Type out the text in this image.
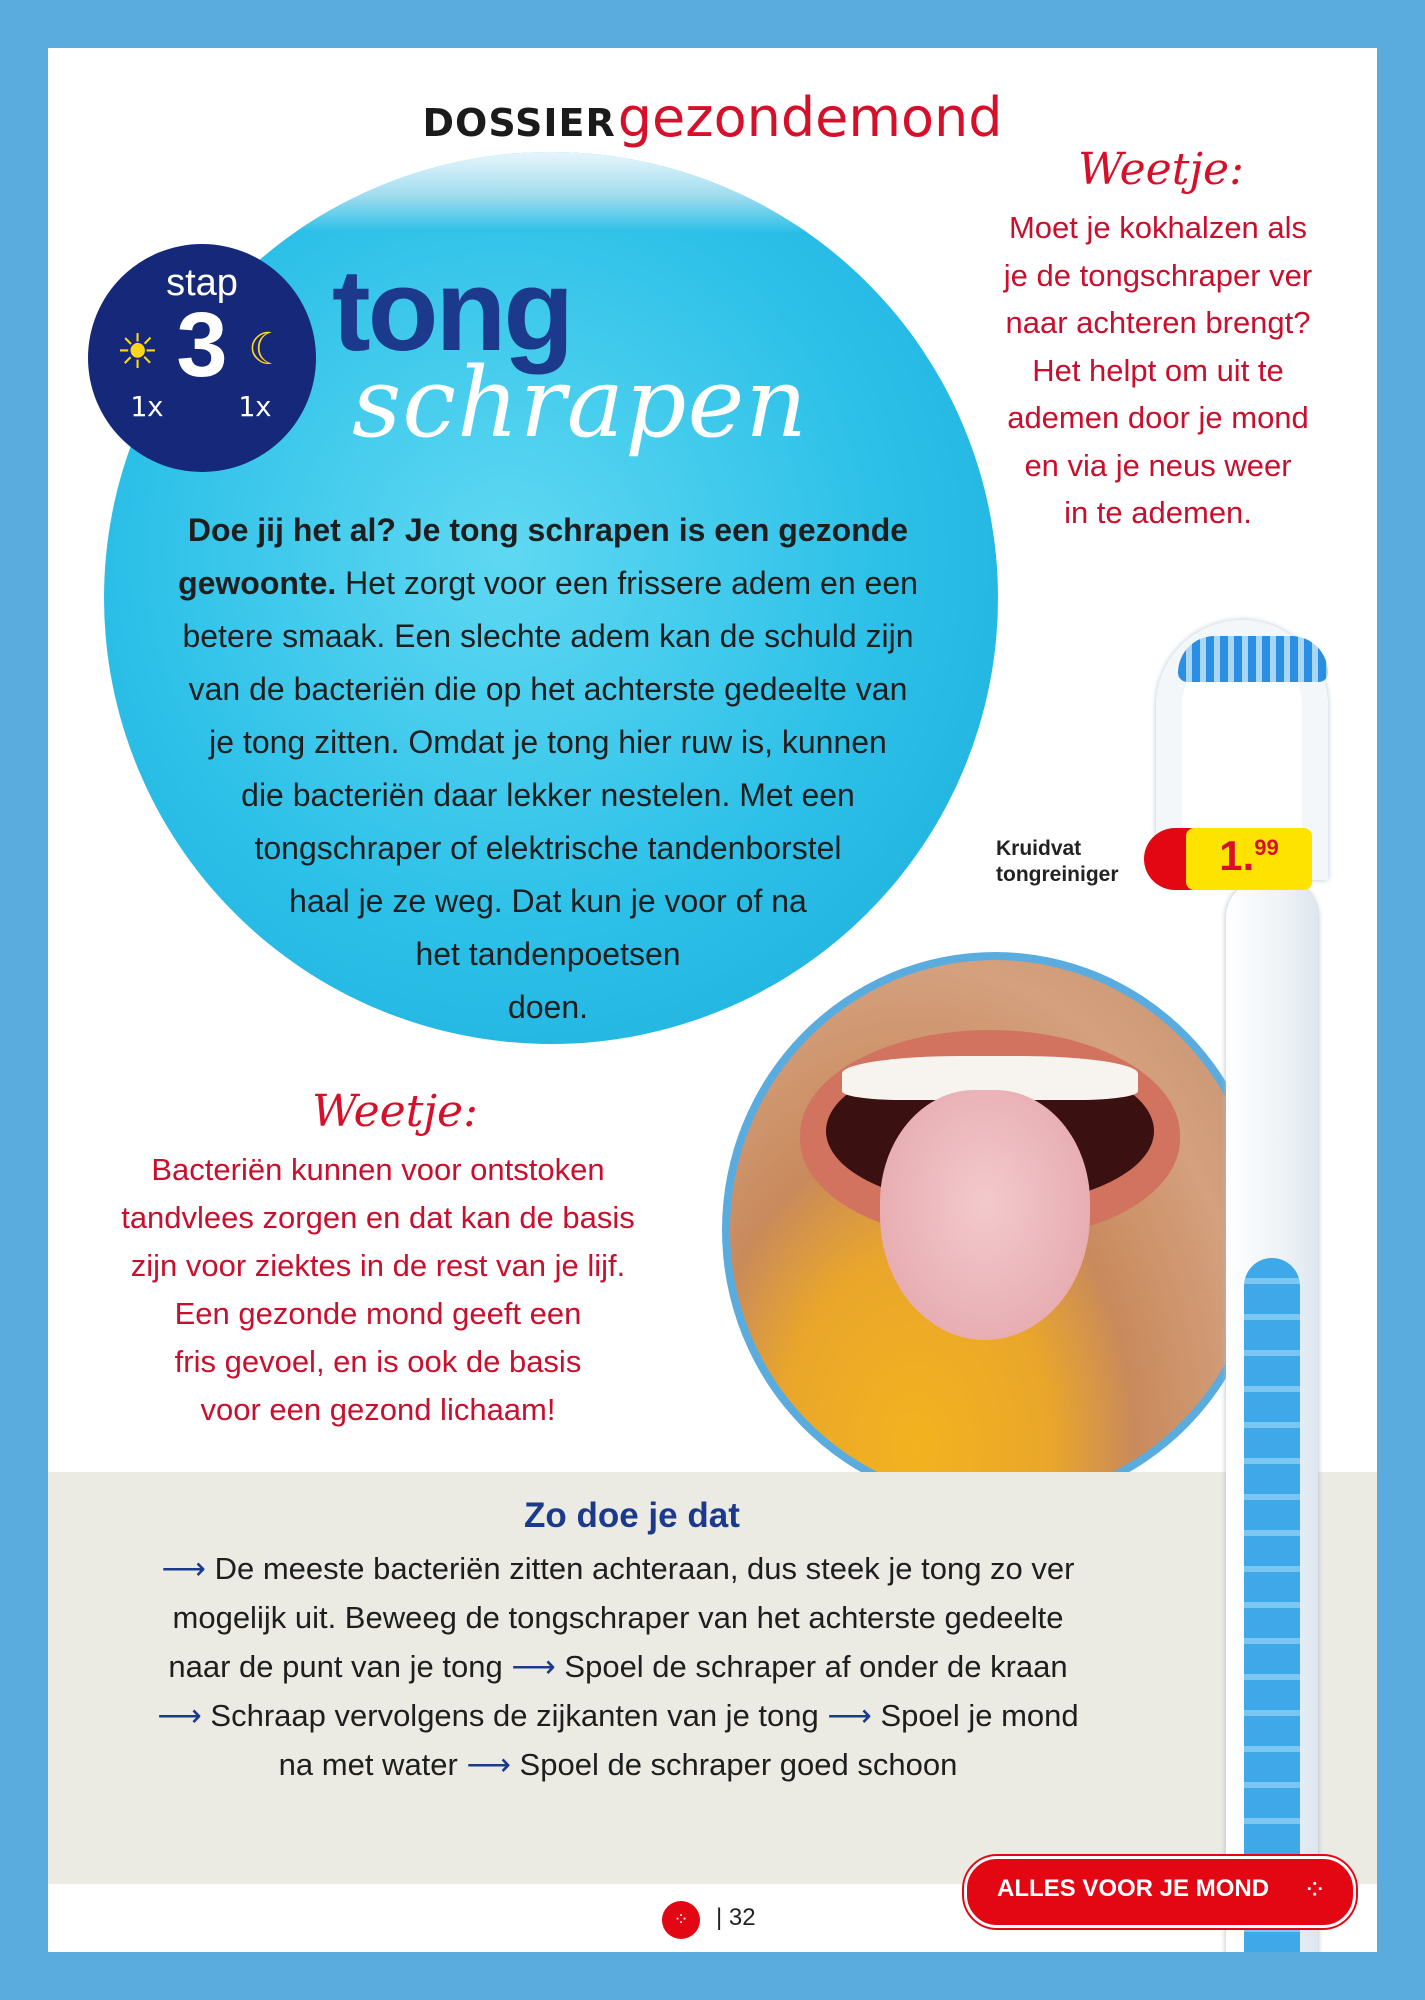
DOSSIERgezondemond
stap
3
☀ ☾
1x	1x
tong
schrapen
Doe jij het al? Je tong schrapen is een gezonde
gewoonte. Het zorgt voor een frissere adem en een
betere smaak. Een slechte adem kan de schuld zijn
van de bacteriën die op het achterste gedeelte van
je tong zitten. Omdat je tong hier ruw is, kunnen
die bacteriën daar lekker nestelen. Met een
tongschraper of elektrische tandenborstel
haal je ze weg. Dat kun je voor of na
het tandenpoetsen
doen.
Weetje:
Moet je kokhalzen als
je de tongschraper ver
naar achteren brengt?
Het helpt om uit te
ademen door je mond
en via je neus weer
in te ademen.
Weetje:
Bacteriën kunnen voor ontstoken
tandvlees zorgen en dat kan de basis
zijn voor ziektes in de rest van je lijf.
Een gezonde mond geeft een
fris gevoel, en is ook de basis
voor een gezond lichaam!
Kruidvat
tongreiniger	1.99
Zo doe je dat
⟶ De meeste bacteriën zitten achteraan, dus steek je tong zo ver
mogelijk uit. Beweeg de tongschraper van het achterste gedeelte
naar de punt van je tong ⟶ Spoel de schraper af onder de kraan
⟶ Schraap vervolgens de zijkanten van je tong ⟶ Spoel je mond
na met water ⟶ Spoel de schraper goed schoon
ALLES VOOR JE MOND ⁘
⁘	| 32
